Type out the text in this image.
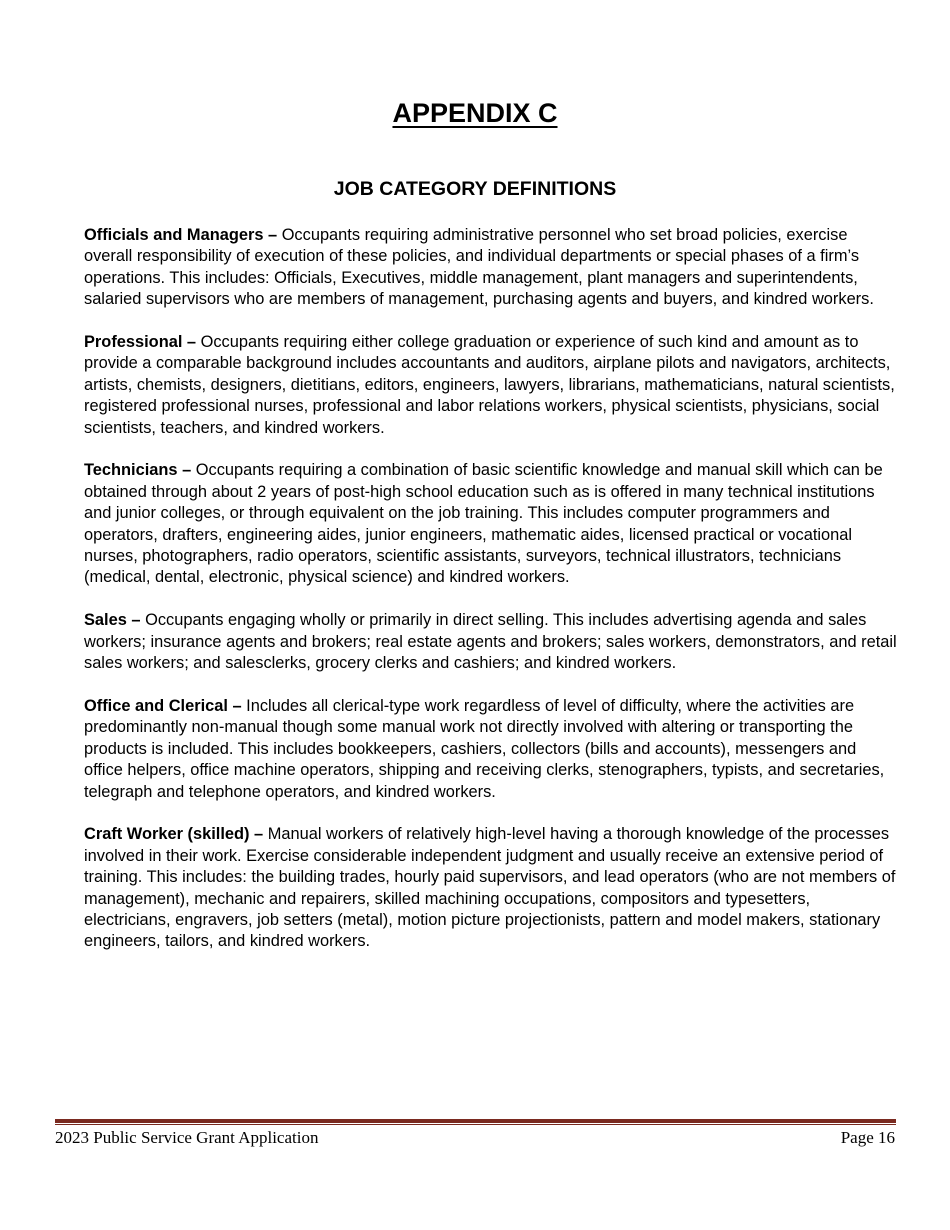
APPENDIX C
JOB CATEGORY DEFINITIONS

Officials and Managers – Occupants requiring administrative personnel who set broad policies, exercise overall responsibility of execution of these policies, and individual departments or special phases of a firm’s operations. This includes: Officials, Executives, middle management, plant managers and superintendents, salaried supervisors who are members of management, purchasing agents and buyers, and kindred workers.

Professional – Occupants requiring either college graduation or experience of such kind and amount as to provide a comparable background includes accountants and auditors, airplane pilots and navigators, architects, artists, chemists, designers, dietitians, editors, engineers, lawyers, librarians, mathematicians, natural scientists, registered professional nurses, professional and labor relations workers, physical scientists, physicians, social scientists, teachers, and kindred workers.

Technicians – Occupants requiring a combination of basic scientific knowledge and manual skill which can be obtained through about 2 years of post-high school education such as is offered in many technical institutions and junior colleges, or through equivalent on the job training. This includes computer programmers and operators, drafters, engineering aides, junior engineers, mathematic aides, licensed practical or vocational nurses, photographers, radio operators, scientific assistants, surveyors, technical illustrators, technicians (medical, dental, electronic, physical science) and kindred workers.

Sales – Occupants engaging wholly or primarily in direct selling. This includes advertising agenda and sales workers; insurance agents and brokers; real estate agents and brokers; sales workers, demonstrators, and retail sales workers; and salesclerks, grocery clerks and cashiers; and kindred workers.

Office and Clerical – Includes all clerical-type work regardless of level of difficulty, where the activities are predominantly non-manual though some manual work not directly involved with altering or transporting the products is included. This includes bookkeepers, cashiers, collectors (bills and accounts), messengers and office helpers, office machine operators, shipping and receiving clerks, stenographers, typists, and secretaries, telegraph and telephone operators, and kindred workers.

Craft Worker (skilled) – Manual workers of relatively high-level having a thorough knowledge of the processes involved in their work. Exercise considerable independent judgment and usually receive an extensive period of training. This includes: the building trades, hourly paid supervisors, and lead operators (who are not members of management), mechanic and repairers, skilled machining occupations, compositors and typesetters, electricians, engravers, job setters (metal), motion picture projectionists, pattern and model makers, stationary engineers, tailors, and kindred workers.

2023 Public Service Grant Application	Page 16
